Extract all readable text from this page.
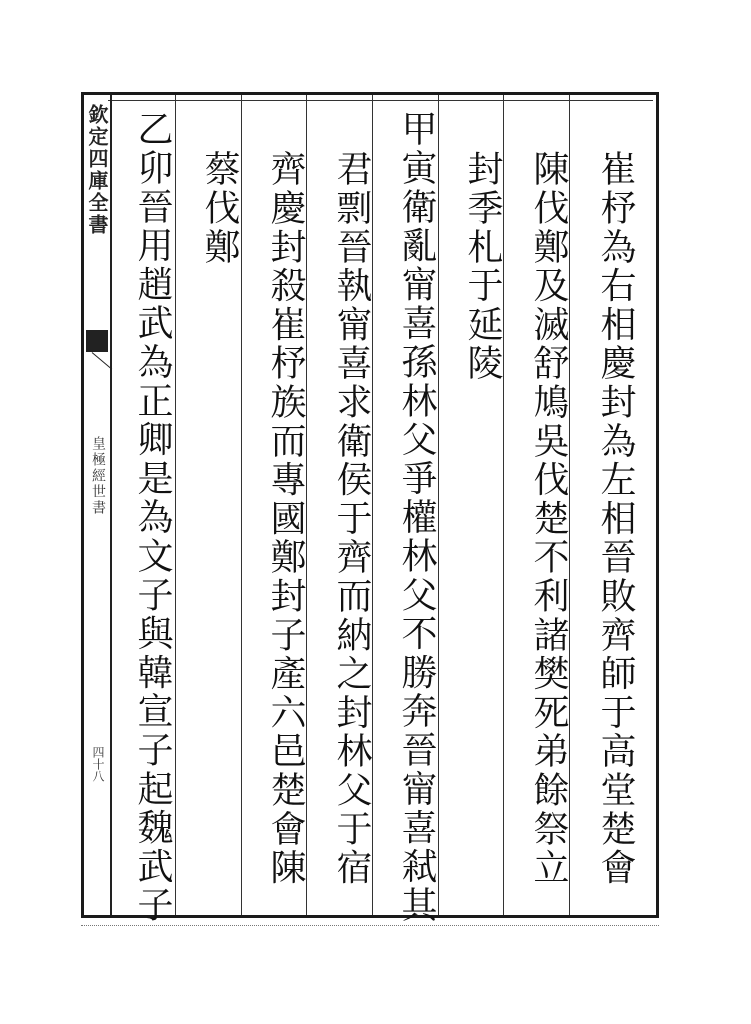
欽定四庫全書
皇極經世書
四十八	崔杼為右相慶封為左相晉敗齊師于高堂楚會
陳伐鄭及滅舒鳩吳伐楚不利諸樊死弟餘祭立
封季札于延陵
甲寅衛亂甯喜孫林父爭權林父不勝奔晉甯喜弒其
君剽晉執甯喜求衛侯于齊而納之封林父于宿
齊慶封殺崔杼族而專國鄭封子產六邑楚會陳
蔡伐鄭
乙卯晉用趙武為正卿是為文子與韓宣子起魏武子
